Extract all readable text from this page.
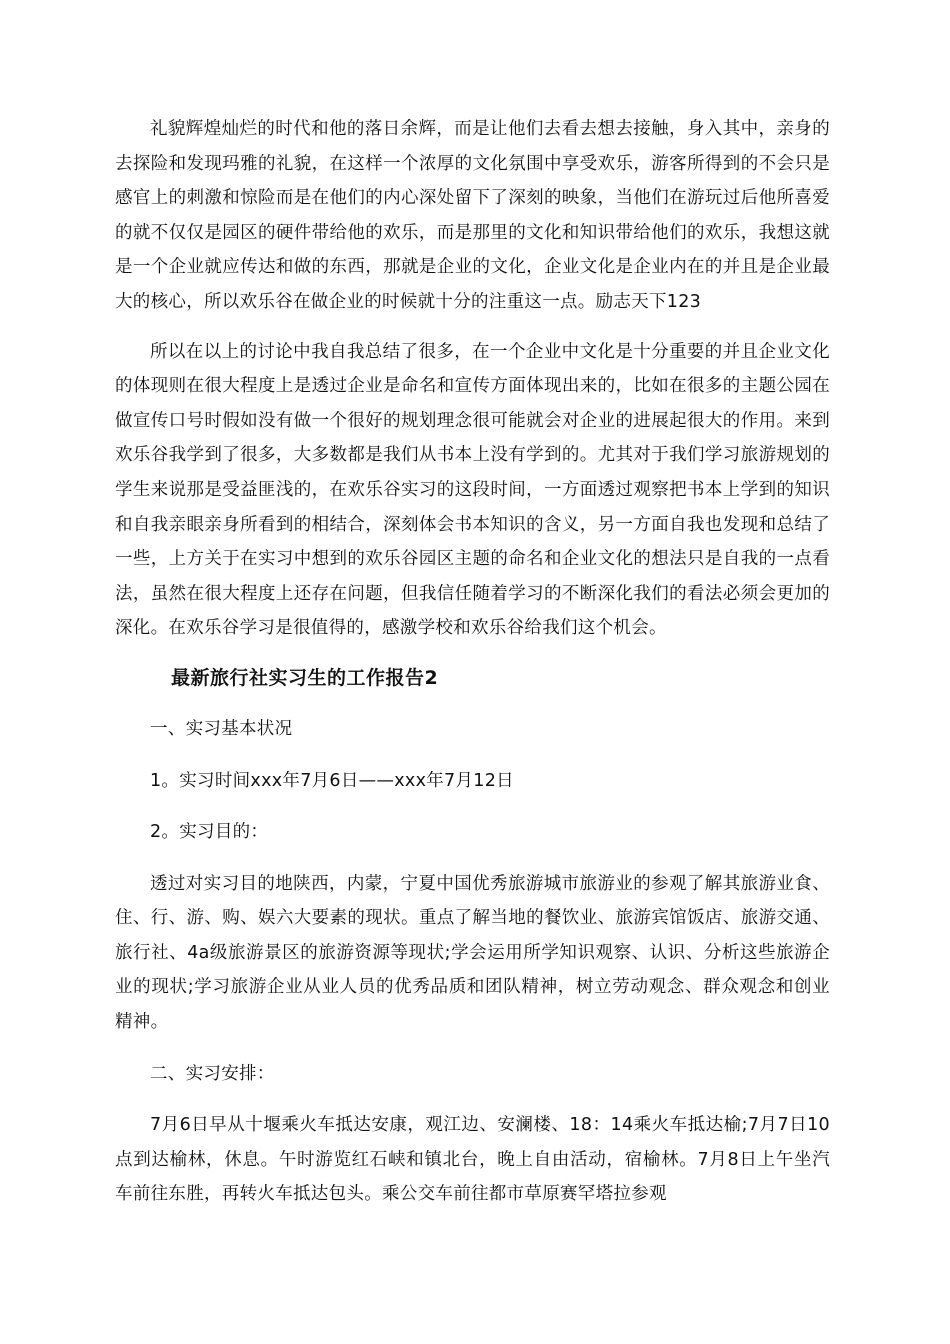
礼貌辉煌灿烂的时代和他的落日余辉，而是让他们去看去想去接触，身入其中，亲身的去探险和发现玛雅的礼貌，在这样一个浓厚的文化氛围中享受欢乐，游客所得到的不会只是感官上的刺激和惊险而是在他们的内心深处留下了深刻的映象，当他们在游玩过后他所喜爱的就不仅仅是园区的硬件带给他的欢乐，而是那里的文化和知识带给他们的欢乐，我想这就是一个企业就应传达和做的东西，那就是企业的文化，企业文化是企业内在的并且是企业最大的核心，所以欢乐谷在做企业的时候就十分的注重这一点。励志天下123

所以在以上的讨论中我自我总结了很多，在一个企业中文化是十分重要的并且企业文化的体现则在很大程度上是透过企业是命名和宣传方面体现出来的，比如在很多的主题公园在做宣传口号时假如没有做一个很好的规划理念很可能就会对企业的进展起很大的作用。来到欢乐谷我学到了很多，大多数都是我们从书本上没有学到的。尤其对于我们学习旅游规划的学生来说那是受益匪浅的，在欢乐谷实习的这段时间，一方面透过观察把书本上学到的知识和自我亲眼亲身所看到的相结合，深刻体会书本知识的含义，另一方面自我也发现和总结了一些，上方关于在实习中想到的欢乐谷园区主题的命名和企业文化的想法只是自我的一点看法，虽然在很大程度上还存在问题，但我信任随着学习的不断深化我们的看法必须会更加的深化。在欢乐谷学习是很值得的，感激学校和欢乐谷给我们这个机会。

最新旅行社实习生的工作报告2

一、实习基本状况

1。实习时间xxx年7月6日——xxx年7月12日

2。实习目的：

透过对实习目的地陕西，内蒙，宁夏中国优秀旅游城市旅游业的参观了解其旅游业食、住、行、游、购、娱六大要素的现状。重点了解当地的餐饮业、旅游宾馆饭店、旅游交通、旅行社、4a级旅游景区的旅游资源等现状;学会运用所学知识观察、认识、分析这些旅游企业的现状;学习旅游企业从业人员的优秀品质和团队精神，树立劳动观念、群众观念和创业精神。

二、实习安排：

7月6日早从十堰乘火车抵达安康，观江边、安澜楼、18：14乘火车抵达榆;7月7日10点到达榆林，休息。午时游览红石峡和镇北台，晚上自由活动，宿榆林。7月8日上午坐汽车前往东胜，再转火车抵达包头。乘公交车前往都市草原赛罕塔拉参观
